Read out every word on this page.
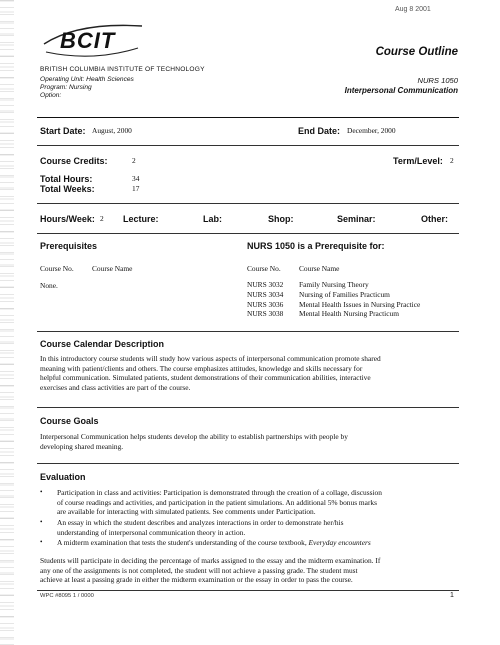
Aug 8 2001
BCIT	Course Outline
BRITISH COLUMBIA INSTITUTE OF TECHNOLOGY
Operating Unit: Health Sciences
Program: Nursing
Option:
NURS 1050
Interpersonal Communication
Start Date: August, 2000	End Date: December, 2000
Course Credits:	2	Term/Level: 2
Total Hours:	34
Total Weeks:	17
Hours/Week: 2 Lecture:	Lab:	Shop:	Seminar:	Other:
Prerequisites
Course No. Course Name
None.
NURS 1050 is a Prerequisite for:
Course No. Course Name
NURS 3032 Family Nursing Theory
NURS 3034 Nursing of Families Practicum
NURS 3036 Mental Health Issues in Nursing Practice
NURS 3038 Mental Health Nursing Practicum
Course Calendar Description
In this introductory course students will study how various aspects of interpersonal communication promote shared
meaning with patient/clients and others. The course emphasizes attitudes, knowledge and skills necessary for
helpful communication. Simulated patients, student demonstrations of their communication abilities, interactive
exercises and class activities are part of the course.
Course Goals
Interpersonal Communication helps students develop the ability to establish partnerships with people by
developing shared meaning.
Evaluation
• Participation in class and activities: Participation is demonstrated through the creation of a collage, discussion
of course readings and activities, and participation in the patient simulations. An additional 5% bonus marks
are available for interacting with simulated patients. See comments under Participation.
• An essay in which the student describes and analyzes interactions in order to demonstrate her/his
understanding of interpersonal communication theory in action.
• A midterm examination that tests the student's understanding of the course textbook, Everyday encounters
Students will participate in deciding the percentage of marks assigned to the essay and the midterm examination. If
any one of the assignments is not completed, the student will not achieve a passing grade. The student must
achieve at least a passing grade in either the midterm examination or the essay in order to pass the course.
WPC #8095 1 / 0000	1
